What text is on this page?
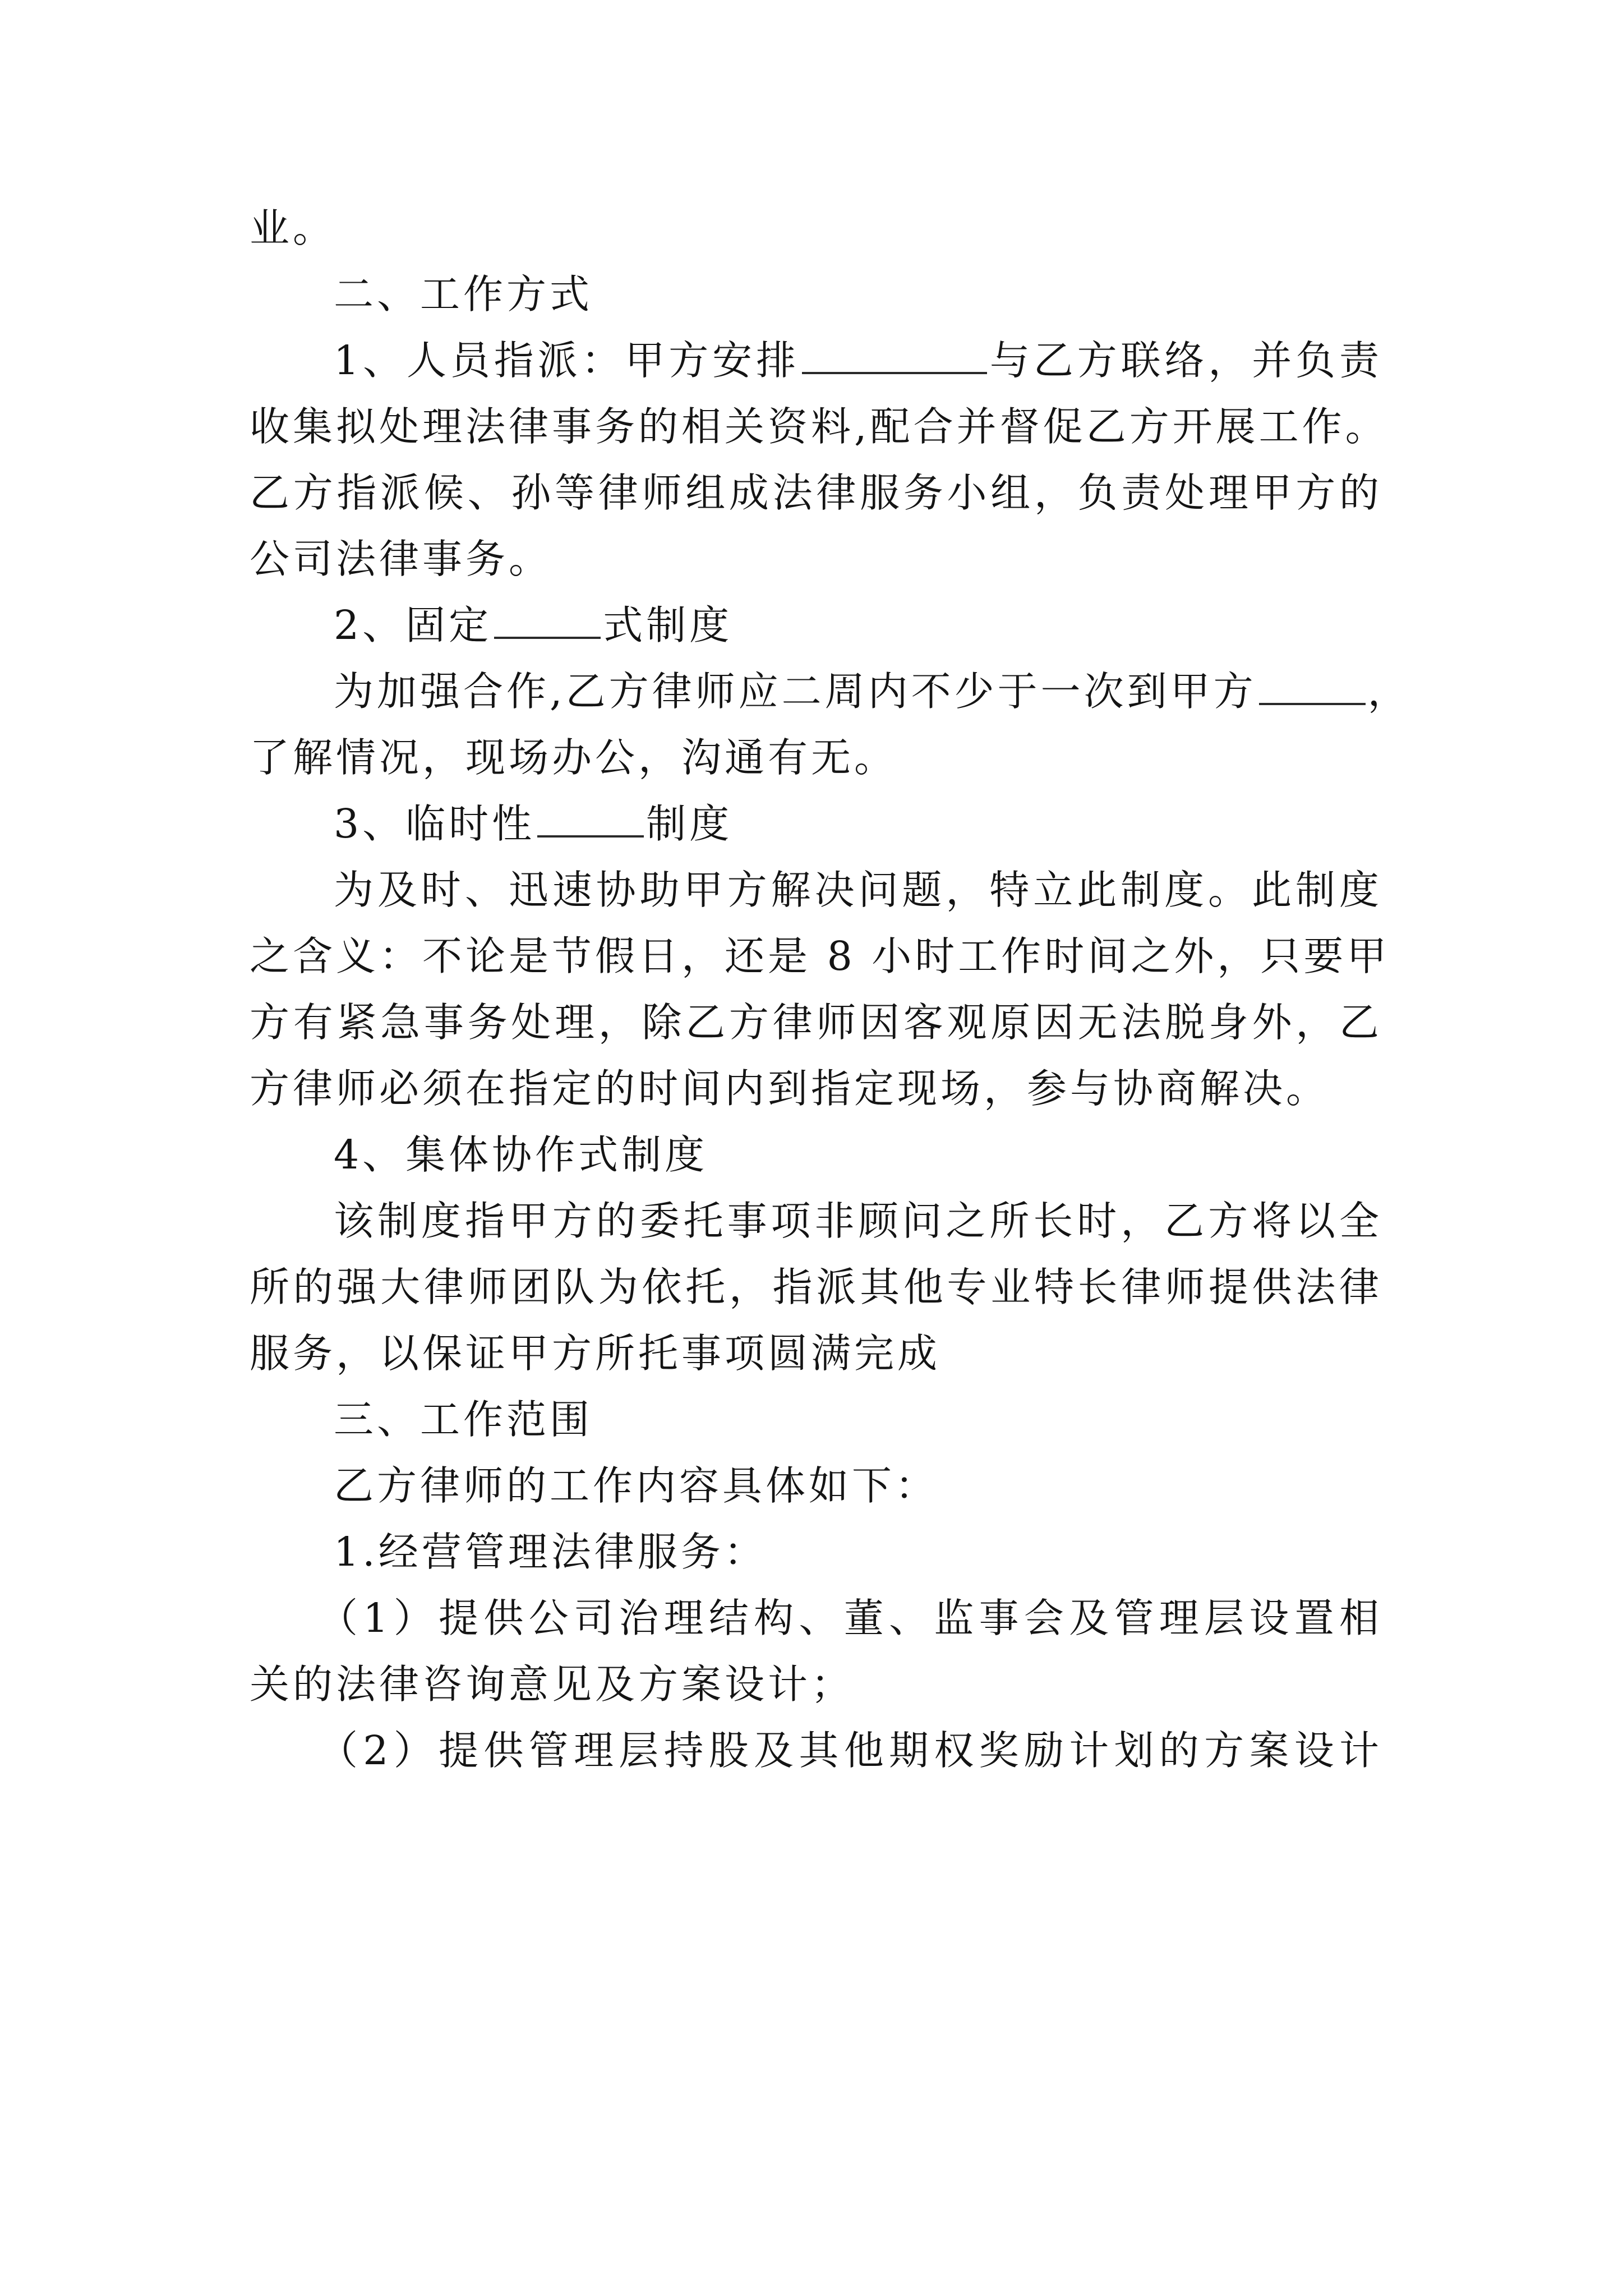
业。
二、工作方式
1、人员指派：甲方安排	与乙方联络，并负责
收集拟处理法律事务的相关资料,配合并督促乙方开展工作。
乙方指派候、孙等律师组成法律服务小组，负责处理甲方的
公司法律事务。
2、固定	式制度
为加强合作,乙方律师应二周内不少于一次到甲方	，
了解情况，现场办公，沟通有无。
3、临时性	制度
为及时、迅速协助甲方解决问题，特立此制度。此制度
之含义：不论是节假日，还是 8 小时工作时间之外，只要甲
方有紧急事务处理，除乙方律师因客观原因无法脱身外，乙
方律师必须在指定的时间内到指定现场，参与协商解决。
4、集体协作式制度
该制度指甲方的委托事项非顾问之所长时，乙方将以全
所的强大律师团队为依托，指派其他专业特长律师提供法律
服务，以保证甲方所托事项圆满完成
三、工作范围
乙方律师的工作内容具体如下：
1.经营管理法律服务：
（1）提供公司治理结构、董、监事会及管理层设置相
关的法律咨询意见及方案设计；
（2）提供管理层持股及其他期权奖励计划的方案设计
